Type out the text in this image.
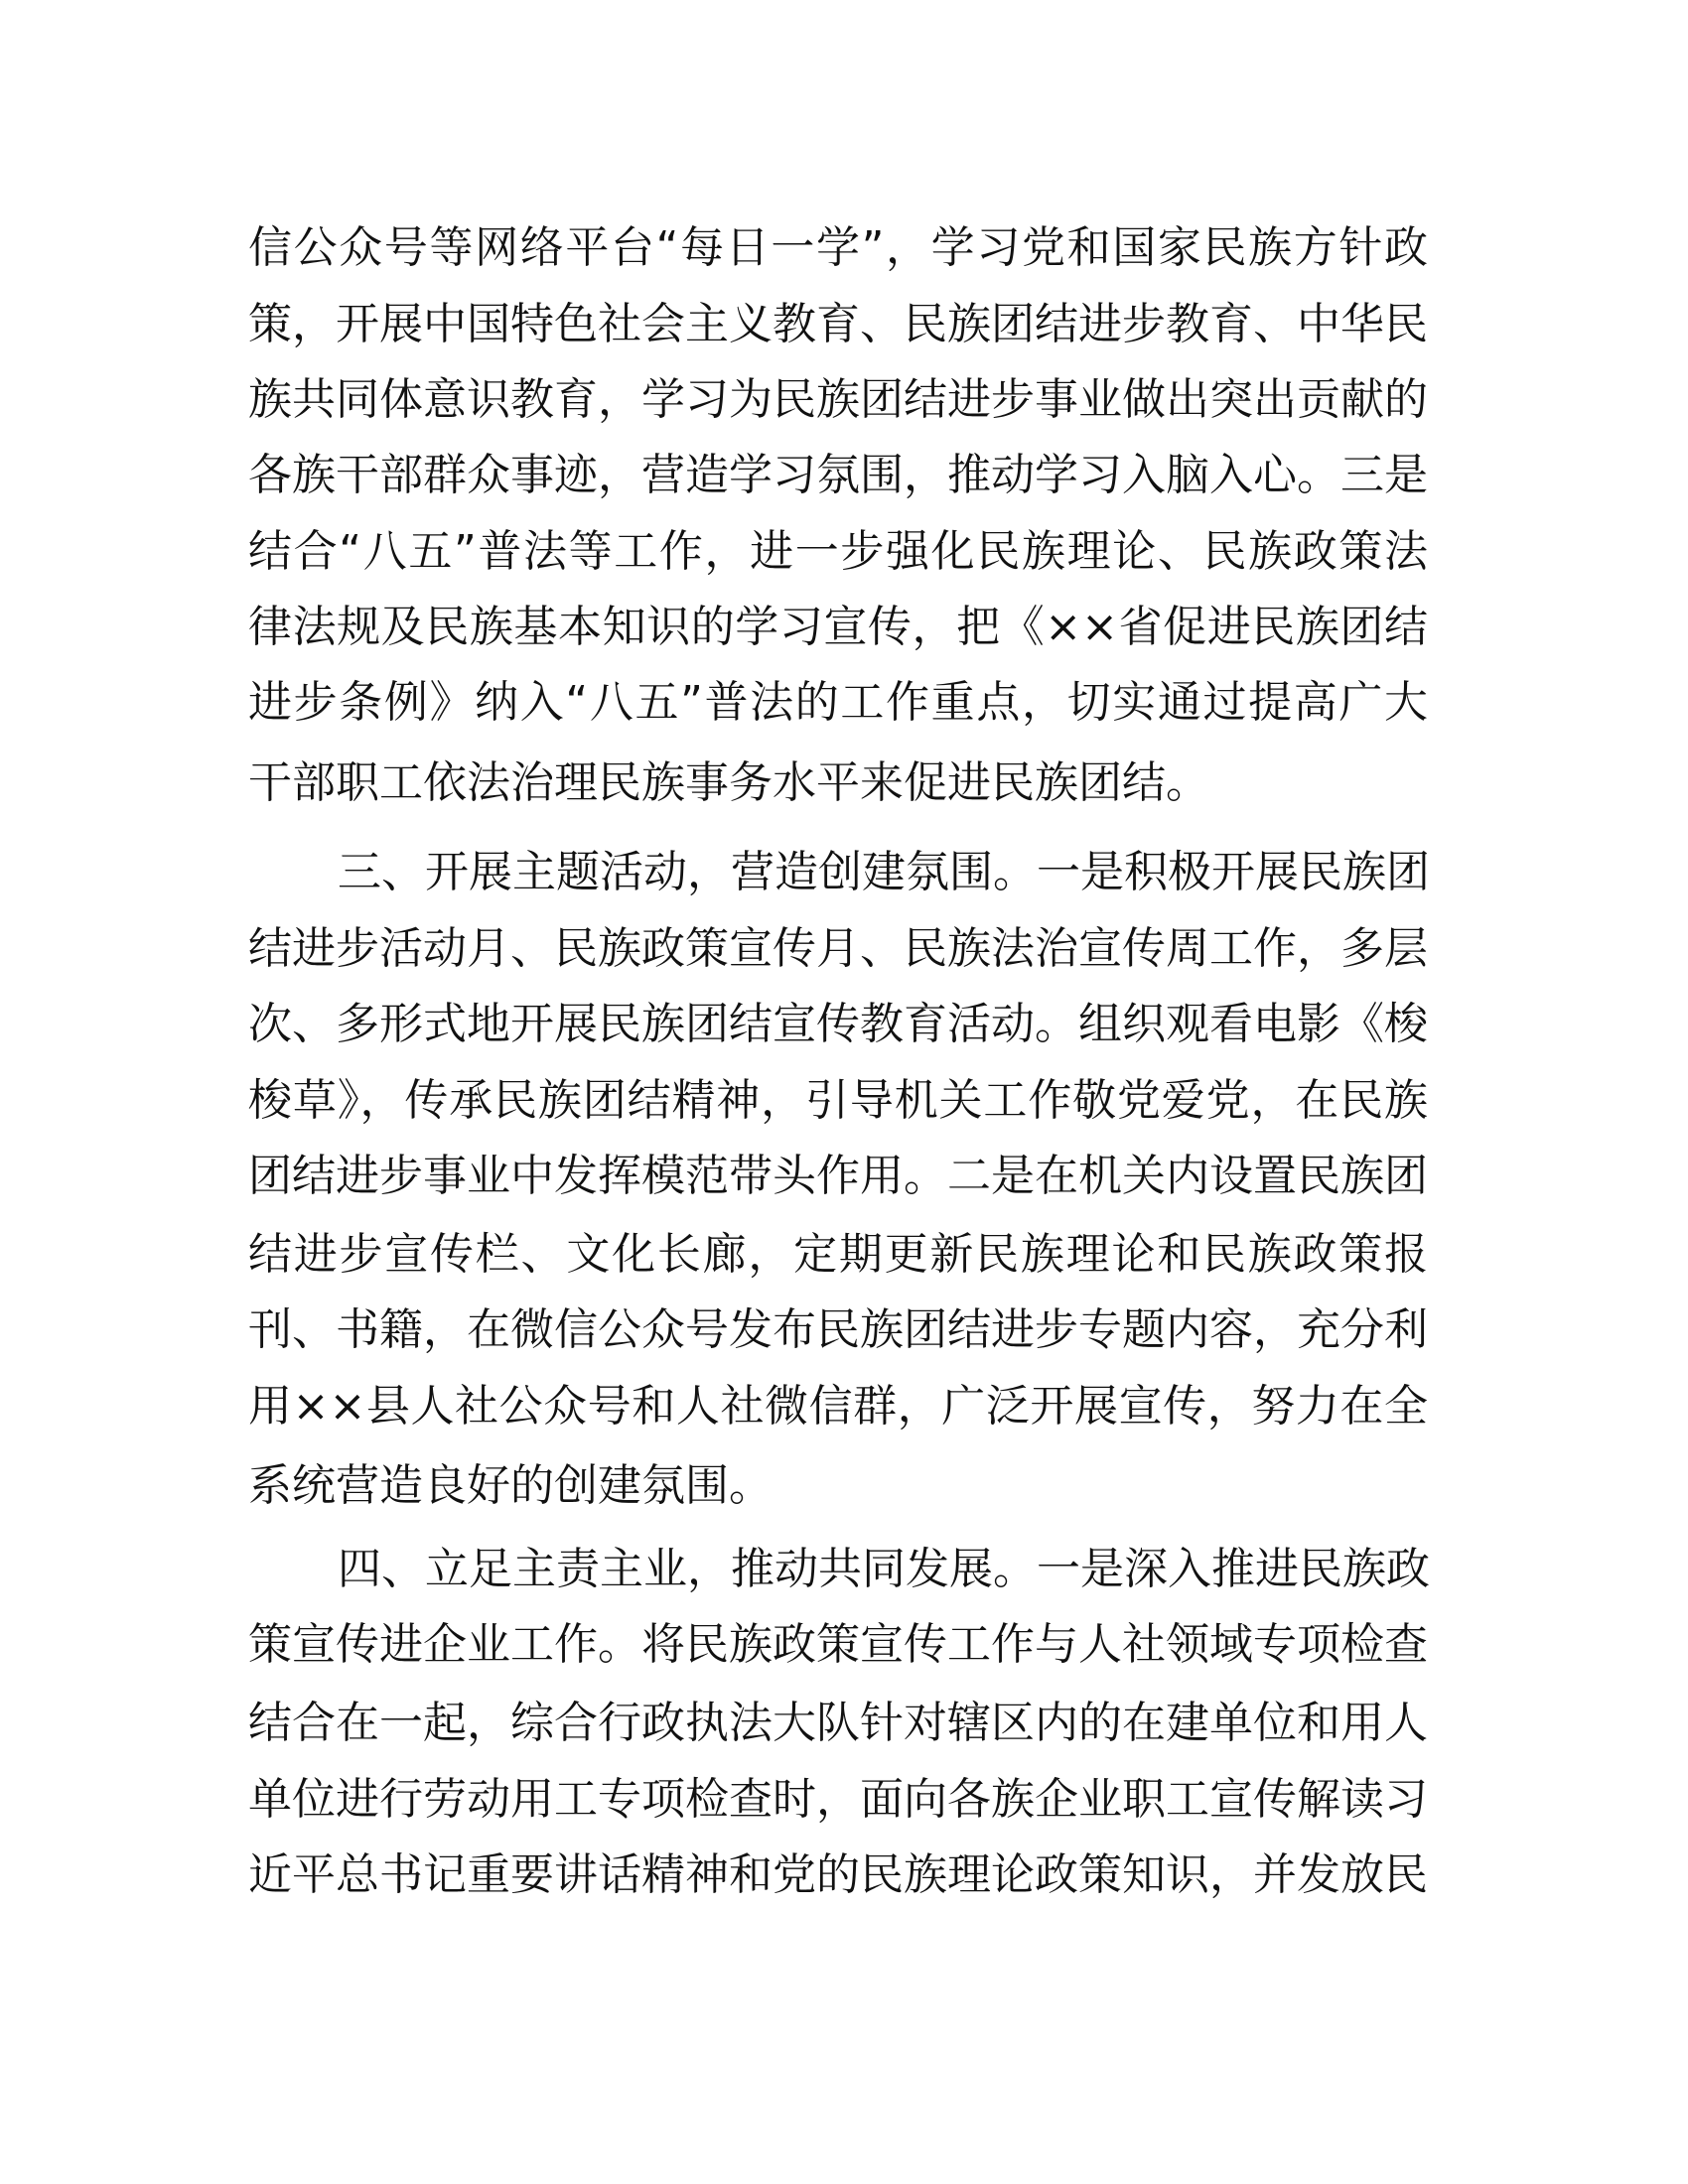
信公众号等网络平台“每日一学”，学习党和国家民族方针政
策，开展中国特色社会主义教育、民族团结进步教育、中华民
族共同体意识教育，学习为民族团结进步事业做出突出贡献的
各族干部群众事迹，营造学习氛围，推动学习入脑入心。三是
结合“八五”普法等工作，进一步强化民族理论、民族政策法
律法规及民族基本知识的学习宣传，把《××省促进民族团结
进步条例》纳入“八五”普法的工作重点，切实通过提高广大
干部职工依法治理民族事务水平来促进民族团结。
三、开展主题活动，营造创建氛围。一是积极开展民族团
结进步活动月、民族政策宣传月、民族法治宣传周工作，多层
次、多形式地开展民族团结宣传教育活动。组织观看电影《梭
梭草》，传承民族团结精神，引导机关工作敬党爱党，在民族
团结进步事业中发挥模范带头作用。二是在机关内设置民族团
结进步宣传栏、文化长廊，定期更新民族理论和民族政策报
刊、书籍，在微信公众号发布民族团结进步专题内容，充分利
用××县人社公众号和人社微信群，广泛开展宣传，努力在全
系统营造良好的创建氛围。
四、立足主责主业，推动共同发展。一是深入推进民族政
策宣传进企业工作。将民族政策宣传工作与人社领域专项检查
结合在一起，综合行政执法大队针对辖区内的在建单位和用人
单位进行劳动用工专项检查时，面向各族企业职工宣传解读习
近平总书记重要讲话精神和党的民族理论政策知识，并发放民
